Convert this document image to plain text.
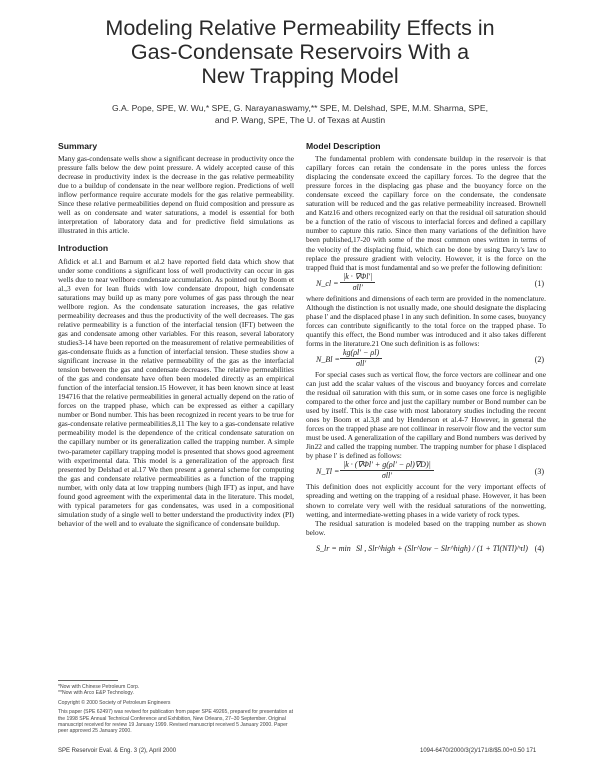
Modeling Relative Permeability Effects in
Gas-Condensate Reservoirs With a
New Trapping Model
G.A. Pope, SPE, W. Wu,* SPE, G. Narayanaswamy,** SPE, M. Delshad, SPE, M.M. Sharma, SPE,
and P. Wang, SPE, The U. of Texas at Austin
Summary

Many gas-condensate wells show a significant decrease in productivity once the pressure falls below the dew point pressure. A widely accepted cause of this decrease in productivity index is the decrease in the gas relative permeability due to a buildup of condensate in the near wellbore region. Predictions of well inflow performance require accurate models for the gas relative permeability. Since these relative permeabilities depend on fluid composition and pressure as well as on condensate and water saturations, a model is essential for both interpretation of laboratory data and for predictive field simulations as illustrated in this article.

Introduction

Afidick et al.1 and Barnum et al.2 have reported field data which show that under some conditions a significant loss of well productivity can occur in gas wells due to near wellbore condensate accumulation. As pointed out by Boom et al.,3 even for lean fluids with low condensate dropout, high condensate saturations may build up as many pore volumes of gas pass through the near wellbore region. As the condensate saturation increases, the gas relative permeability decreases and thus the productivity of the well decreases. The gas relative permeability is a function of the interfacial tension (IFT) between the gas and condensate among other variables. For this reason, several laboratory studies3-14 have been reported on the measurement of relative permeabilities of gas-condensate fluids as a function of interfacial tension. These studies show a significant increase in the relative permeability of the gas as the interfacial tension between the gas and condensate decreases. The relative permeabilities of the gas and condensate have often been modeled directly as an empirical function of the interfacial tension.15 However, it has been known since at least 194716 that the relative permeabilities in general actually depend on the ratio of forces on the trapped phase, which can be expressed as either a capillary number or Bond number. This has been recognized in recent years to be true for gas-condensate relative permeabilities.8,11 The key to a gas-condensate relative permeability model is the dependence of the critical condensate saturation on the capillary number or its generalization called the trapping number. A simple two-parameter capillary trapping model is presented that shows good agreement with experimental data. This model is a generalization of the approach first presented by Delshad et al.17 We then present a general scheme for computing the gas and condensate relative permeabilities as a function of the trapping number, with only data at low trapping numbers (high IFT) as input, and have found good agreement with the experimental data in the literature. This model, with typical parameters for gas condensates, was used in a compositional simulation study of a single well to better understand the productivity index (PI) behavior of the well and to evaluate the significance of condensate buildup.

Model Description

The fundamental problem with condensate buildup in the reservoir is that capillary forces can retain the condensate in the pores unless the forces displacing the condensate exceed the capillary forces. To the degree that the pressure forces in the displacing gas phase and the buoyancy force on the condensate exceed the capillary force on the condensate, the condensate saturation will be reduced and the gas relative permeability increased. Brownell and Katz16 and others recognized early on that the residual oil saturation should be a function of the ratio of viscous to interfacial forces and defined a capillary number to capture this ratio. Since then many variations of the definition have been published,17-20 with some of the most common ones written in terms of the velocity of the displacing fluid, which can be done by using Darcy's law to replace the pressure gradient with velocity. However, it is the force on the trapped fluid that is most fundamental and so we prefer the following definition:

N_cl =
|k · ∇Φl′|
σll′	(1)

where definitions and dimensions of each term are provided in the nomenclature. Although the distinction is not usually made, one should designate the displacing phase l′ and the displaced phase l in any such definition. In some cases, buoyancy forces can contribute significantly to the total force on the trapped phase. To quantify this effect, the Bond number was introduced and it also takes different forms in the literature.21 One such definition is as follows:

N_Bl =
kg(ρl′ − ρl)
σll′	(2)

For special cases such as vertical flow, the force vectors are collinear and one can just add the scalar values of the viscous and buoyancy forces and correlate the residual oil saturation with this sum, or in some cases one force is negligible compared to the other force and just the capillary number or Bond number can be used by itself. This is the case with most laboratory studies including the recent ones by Boom et al.3,8 and by Henderson et al.4-7 However, in general the forces on the trapped phase are not collinear in reservoir flow and the vector sum must be used. A generalization of the capillary and Bond numbers was derived by Jin22 and called the trapping number. The trapping number for phase l displaced by phase l′ is defined as follows:

N_Tl =
|k · (∇Φl′ + g(ρl′ − ρl)∇D)|
σll′	(3)

This definition does not explicitly account for the very important effects of spreading and wetting on the trapping of a residual phase. However, it has been shown to correlate very well with the residual saturations of the nonwetting, wetting, and intermediate-wetting phases in a wide variety of rock types.

The residual saturation is modeled based on the trapping number as shown below.

S_lr = min Sl , Slr^high + (Slr^low − Slr^high) / (1 + Tl(NTl)^τl) (4)
*Now with Chinese Petroleum Corp.
**Now with Arco E&P Technology.
Copyright © 2000 Society of Petroleum Engineers
This paper (SPE 62497) was revised for publication from paper SPE 49265, prepared for presentation at the 1998 SPE Annual Technical Conference and Exhibition, New Orleans, 27–30 September. Original manuscript received for review 19 January 1999. Revised manuscript received 5 January 2000. Paper peer approved 25 January 2000.
SPE Reservoir Eval. & Eng. 3 (2), April 2000	1094-6470/2000/3(2)/171/8/$5.00+0.50 171
